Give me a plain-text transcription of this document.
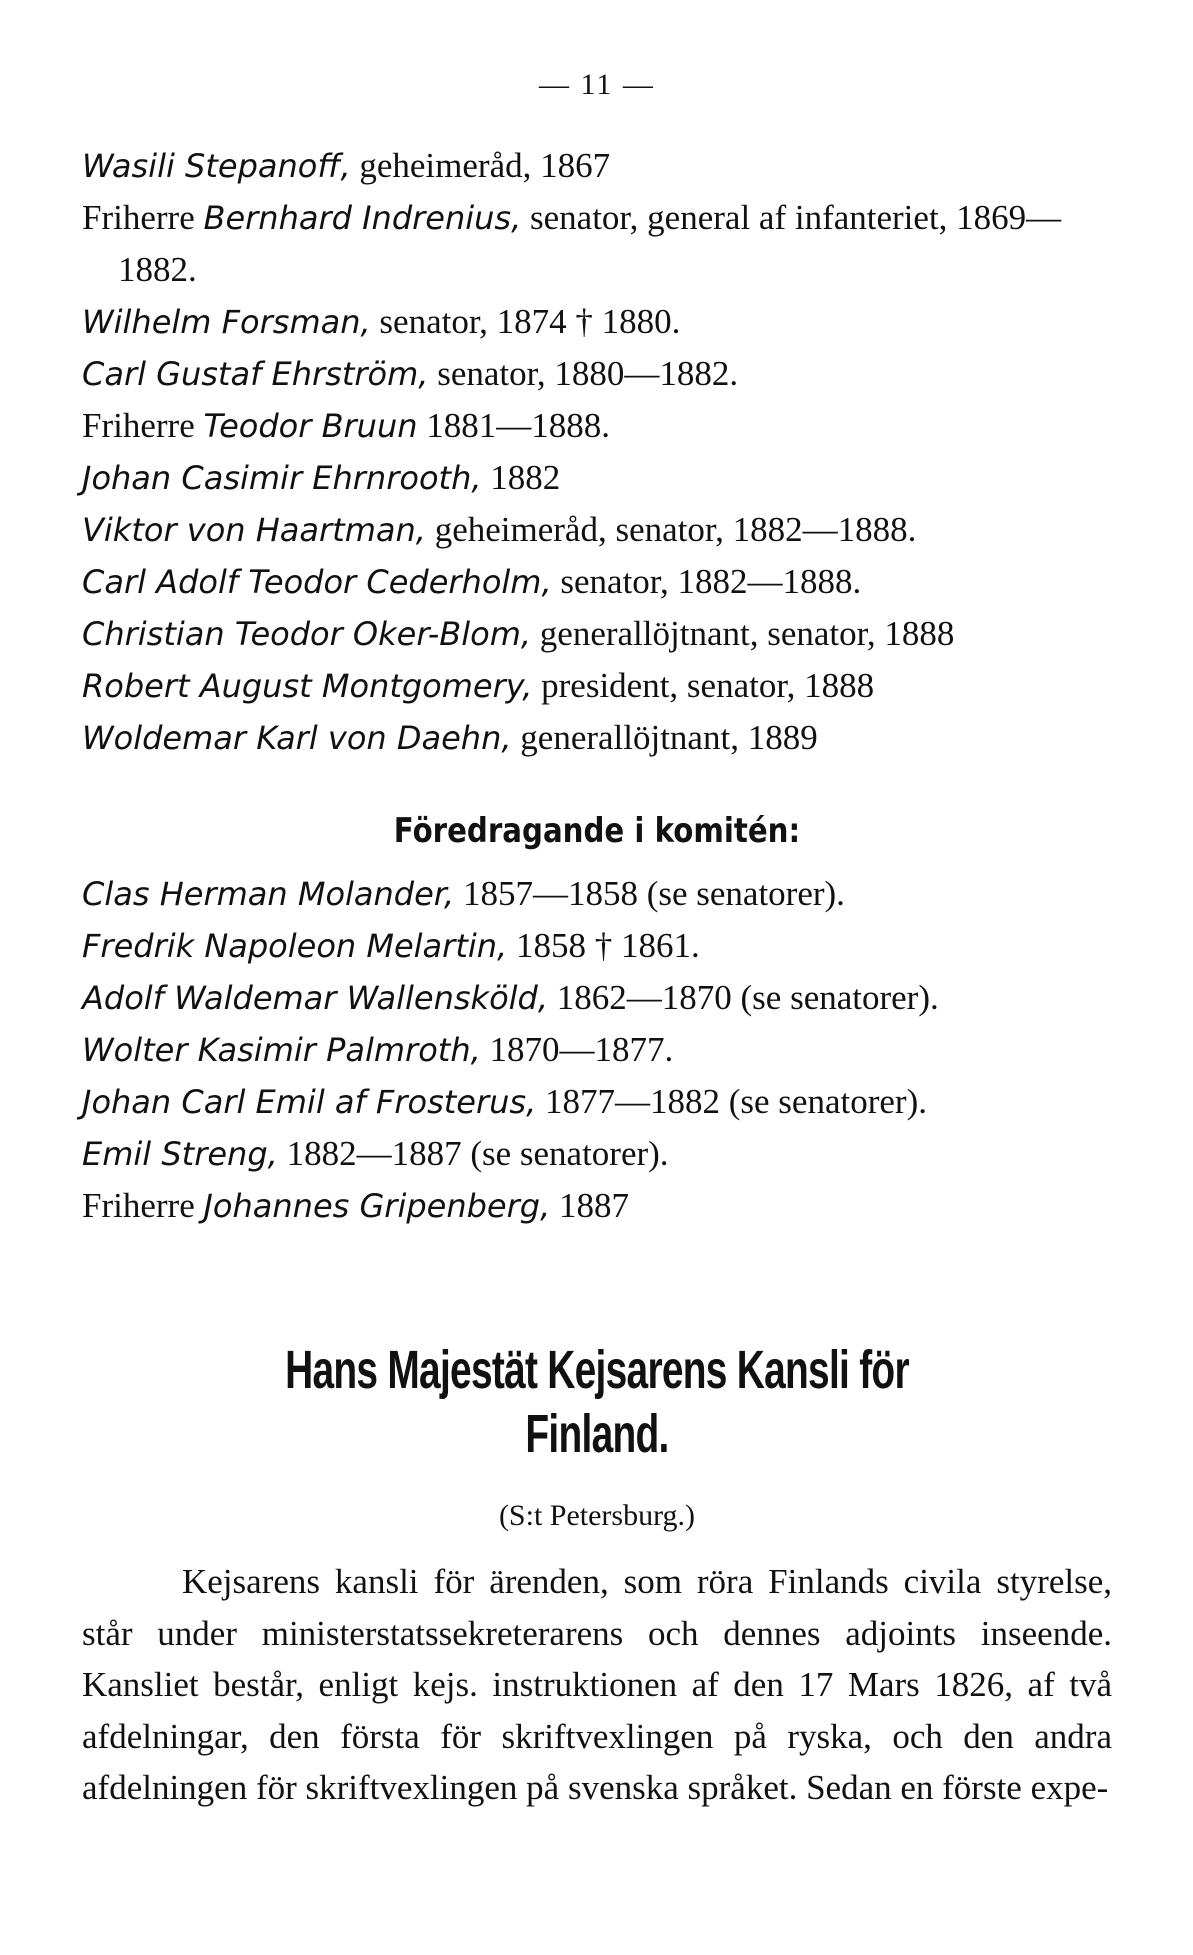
— 11 —

Wasili Stepanoff, geheimeråd, 1867

Friherre Bernhard Indrenius, senator, general af infanteriet, 1869—1882.

Wilhelm Forsman, senator, 1874 † 1880.

Carl Gustaf Ehrström, senator, 1880—1882.

Friherre Teodor Bruun 1881—1888.

Johan Casimir Ehrnrooth, 1882

Viktor von Haartman, geheimeråd, senator, 1882—1888.

Carl Adolf Teodor Cederholm, senator, 1882—1888.

Christian Teodor Oker-Blom, generallöjtnant, senator, 1888

Robert August Montgomery, president, senator, 1888

Woldemar Karl von Daehn, generallöjtnant, 1889

Föredragande i komitén:

Clas Herman Molander, 1857—1858 (se senatorer).

Fredrik Napoleon Melartin, 1858 † 1861.

Adolf Waldemar Wallensköld, 1862—1870 (se senatorer).

Wolter Kasimir Palmroth, 1870—1877.

Johan Carl Emil af Frosterus, 1877—1882 (se senatorer).

Emil Streng, 1882—1887 (se senatorer).

Friherre Johannes Gripenberg, 1887

Hans Majestät Kejsarens Kansli för Finland.
(S:t Petersburg.)

Kejsarens kansli för ärenden, som röra Finlands civila styrelse, står under ministerstatssekreterarens och dennes adjoints inseende. Kansliet består, enligt kejs. instruktionen af den 17 Mars 1826, af två afdelningar, den första för skriftvexlingen på ryska, och den andra afdelningen för skriftvexlingen på svenska språket. Sedan en förste expe-
